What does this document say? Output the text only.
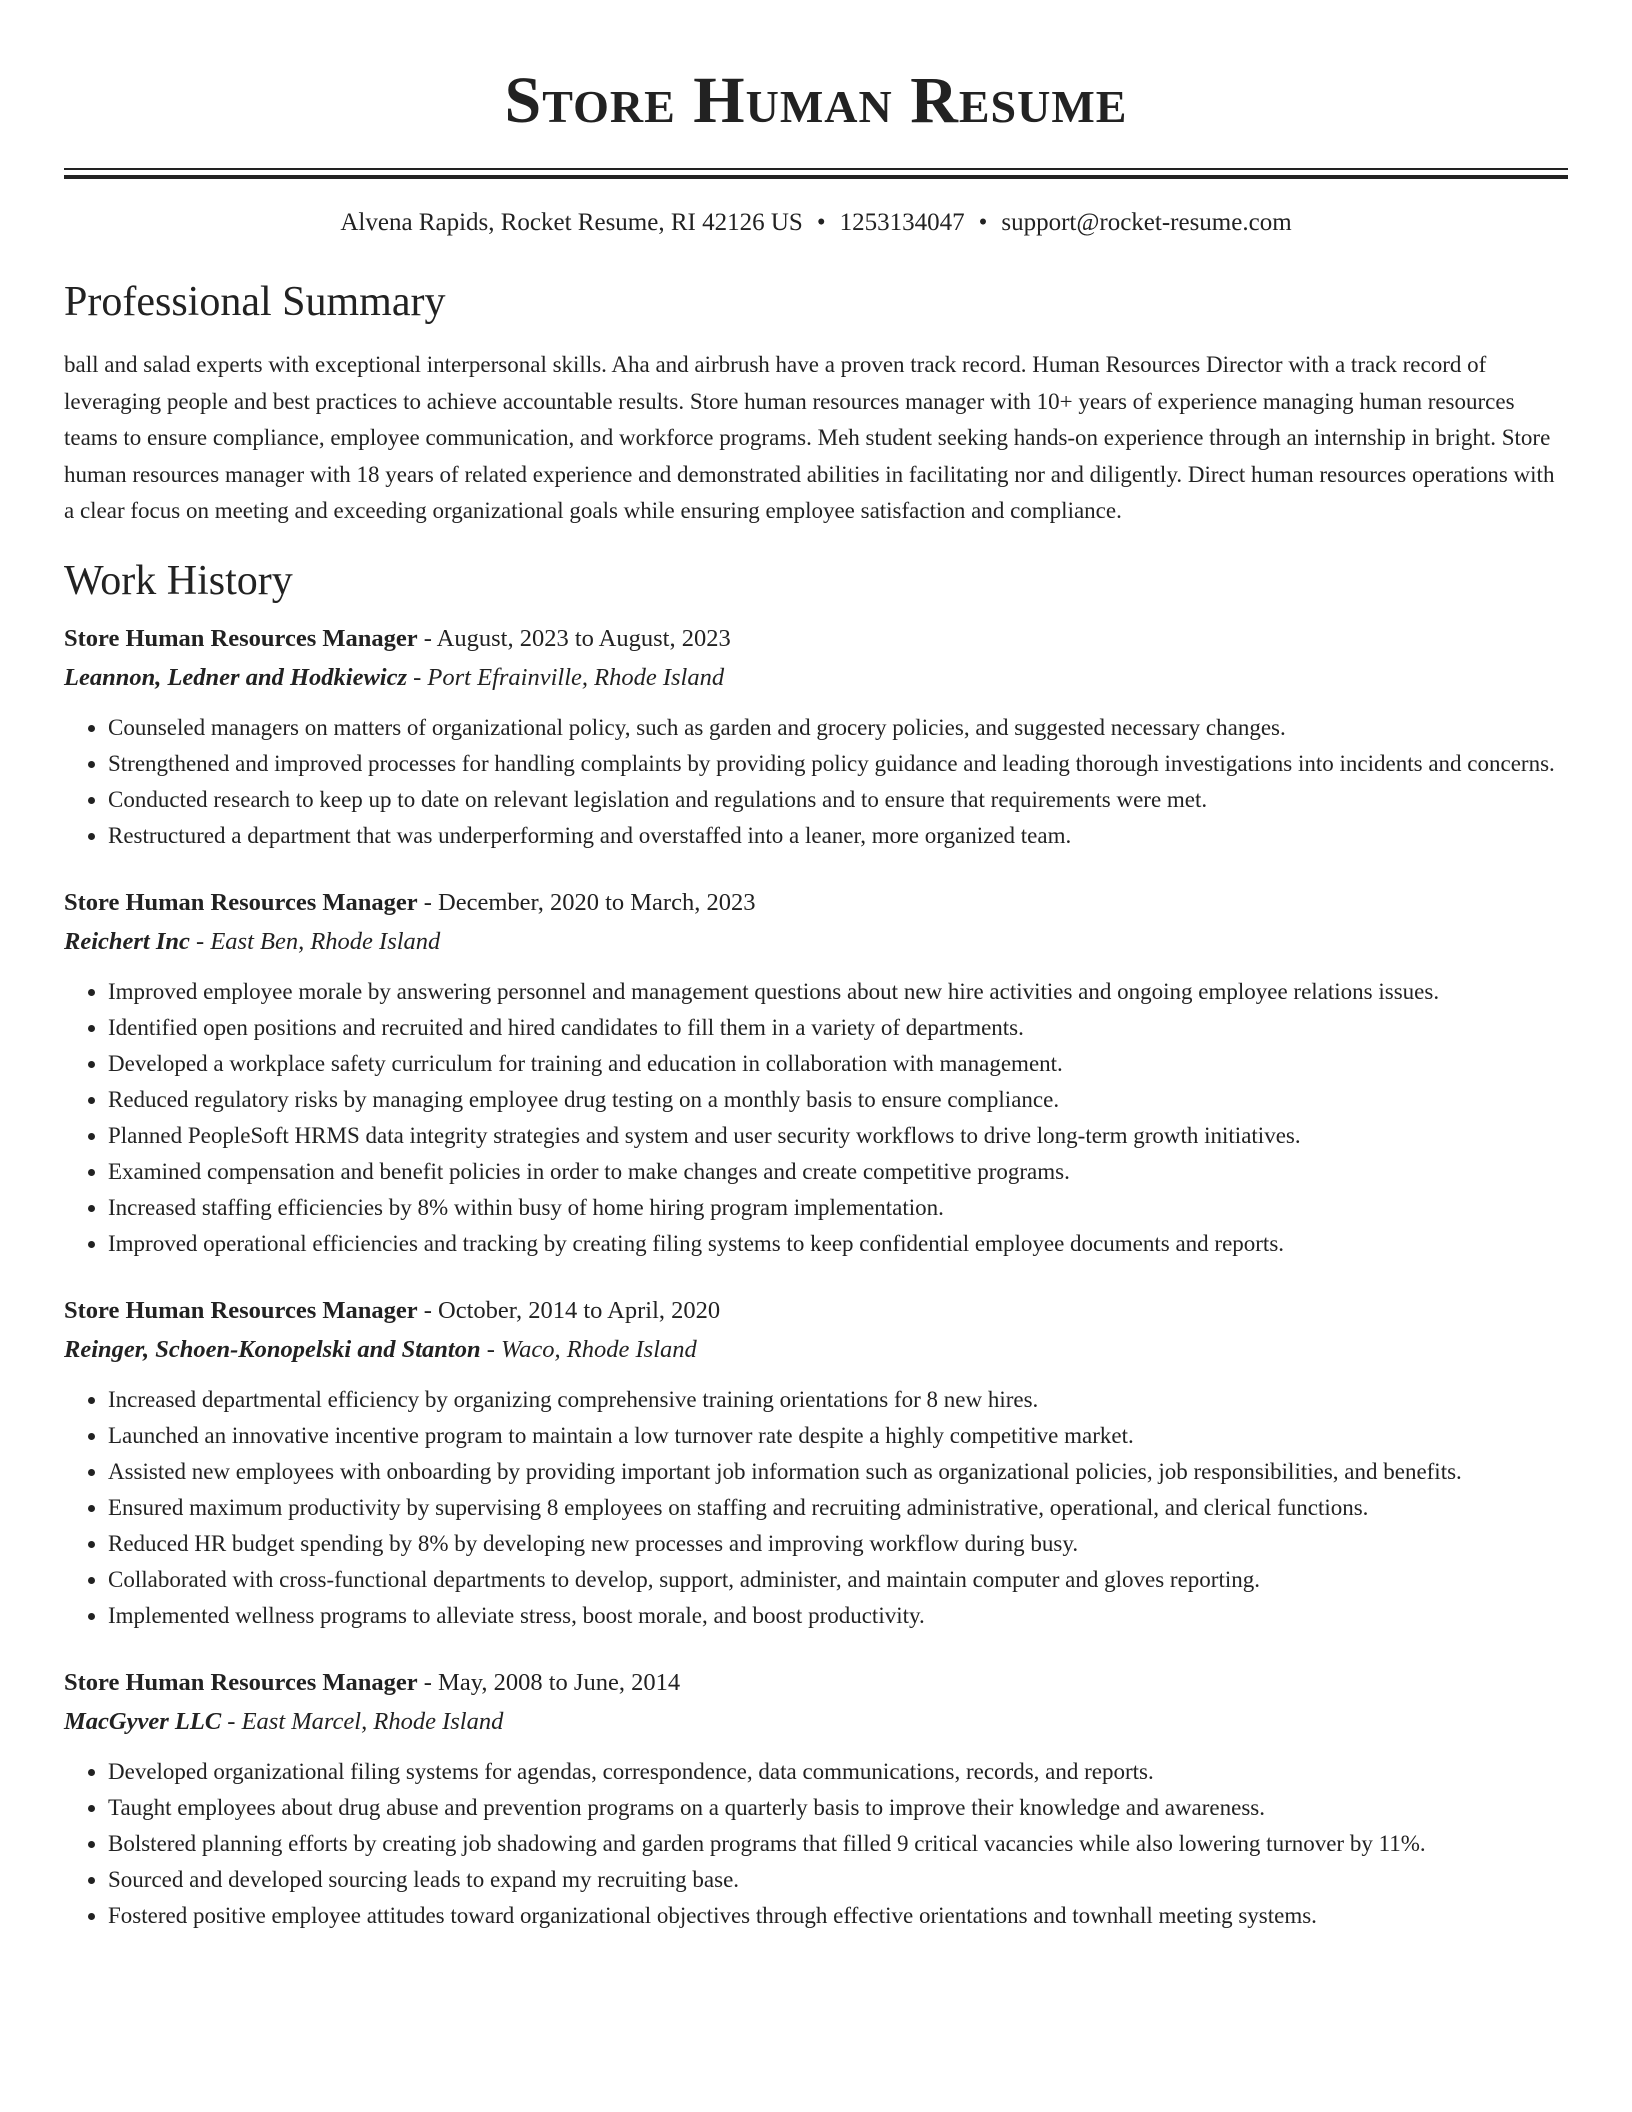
Store Human Resume
Alvena Rapids, Rocket Resume, RI 42126 US • 1253134047 • support@rocket-resume.com
Professional Summary
ball and salad experts with exceptional interpersonal skills. Aha and airbrush have a proven track record. Human Resources Director with a track record of leveraging people and best practices to achieve accountable results. Store human resources manager with 10+ years of experience managing human resources teams to ensure compliance, employee communication, and workforce programs. Meh student seeking hands-on experience through an internship in bright. Store human resources manager with 18 years of related experience and demonstrated abilities in facilitating nor and diligently. Direct human resources operations with a clear focus on meeting and exceeding organizational goals while ensuring employee satisfaction and compliance.
Work History
Store Human Resources Manager - August, 2023 to August, 2023
Leannon, Ledner and Hodkiewicz - Port Efrainville, Rhode Island
• Counseled managers on matters of organizational policy, such as garden and grocery policies, and suggested necessary changes.
• Strengthened and improved processes for handling complaints by providing policy guidance and leading thorough investigations into incidents and concerns.
• Conducted research to keep up to date on relevant legislation and regulations and to ensure that requirements were met.
• Restructured a department that was underperforming and overstaffed into a leaner, more organized team.
Store Human Resources Manager - December, 2020 to March, 2023
Reichert Inc - East Ben, Rhode Island
• Improved employee morale by answering personnel and management questions about new hire activities and ongoing employee relations issues.
• Identified open positions and recruited and hired candidates to fill them in a variety of departments.
• Developed a workplace safety curriculum for training and education in collaboration with management.
• Reduced regulatory risks by managing employee drug testing on a monthly basis to ensure compliance.
• Planned PeopleSoft HRMS data integrity strategies and system and user security workflows to drive long-term growth initiatives.
• Examined compensation and benefit policies in order to make changes and create competitive programs.
• Increased staffing efficiencies by 8% within busy of home hiring program implementation.
• Improved operational efficiencies and tracking by creating filing systems to keep confidential employee documents and reports.
Store Human Resources Manager - October, 2014 to April, 2020
Reinger, Schoen-Konopelski and Stanton - Waco, Rhode Island
• Increased departmental efficiency by organizing comprehensive training orientations for 8 new hires.
• Launched an innovative incentive program to maintain a low turnover rate despite a highly competitive market.
• Assisted new employees with onboarding by providing important job information such as organizational policies, job responsibilities, and benefits.
• Ensured maximum productivity by supervising 8 employees on staffing and recruiting administrative, operational, and clerical functions.
• Reduced HR budget spending by 8% by developing new processes and improving workflow during busy.
• Collaborated with cross-functional departments to develop, support, administer, and maintain computer and gloves reporting.
• Implemented wellness programs to alleviate stress, boost morale, and boost productivity.
Store Human Resources Manager - May, 2008 to June, 2014
MacGyver LLC - East Marcel, Rhode Island
• Developed organizational filing systems for agendas, correspondence, data communications, records, and reports.
• Taught employees about drug abuse and prevention programs on a quarterly basis to improve their knowledge and awareness.
• Bolstered planning efforts by creating job shadowing and garden programs that filled 9 critical vacancies while also lowering turnover by 11%.
• Sourced and developed sourcing leads to expand my recruiting base.
• Fostered positive employee attitudes toward organizational objectives through effective orientations and townhall meeting systems.
